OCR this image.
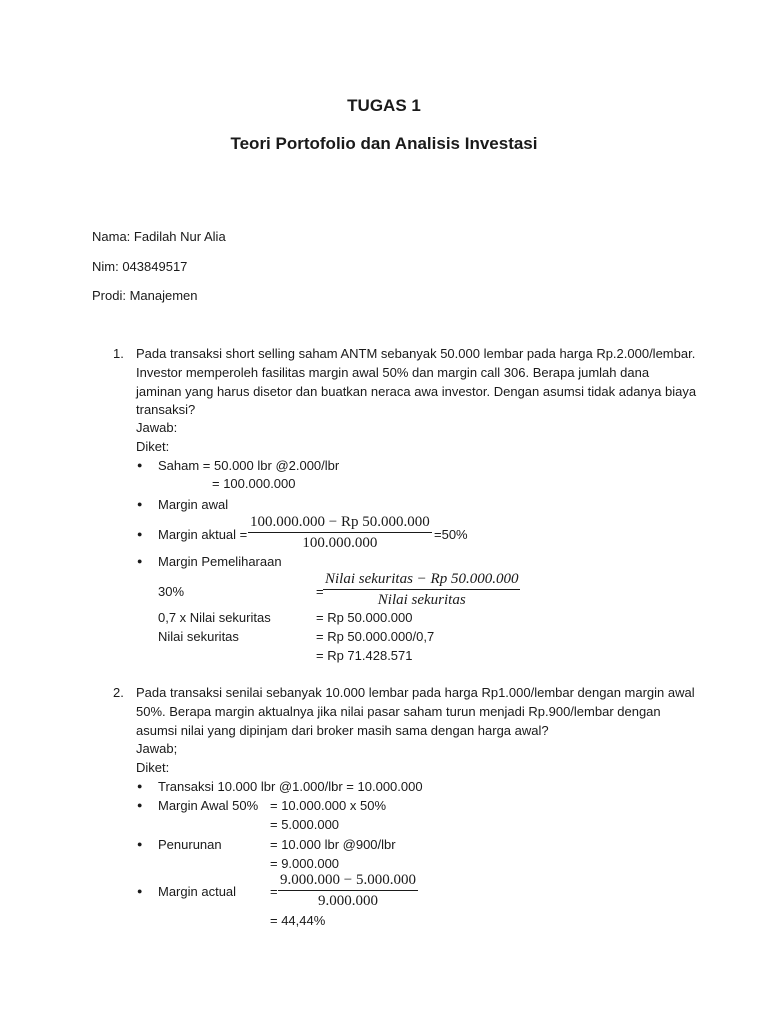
TUGAS 1
Teori Portofolio dan Analisis Investasi
Nama: Fadilah Nur Alia
Nim: 043849517
Prodi: Manajemen
1. Pada transaksi short selling saham ANTM sebanyak 50.000 lembar pada harga Rp.2.000/lembar.
Investor memperoleh fasilitas margin awal 50% dan margin call 306. Berapa jumlah dana
jaminan yang harus disetor dan buatkan neraca awa investor. Dengan asumsi tidak adanya biaya
transaksi?
Jawab:
Diket:
● Saham = 50.000 lbr @2.000/lbr
= 100.000.000
● Margin awal
● Margin aktual =
100.000.000 − Rp 50.000.000
100.000.000
=50%
● Margin Pemeliharaan
30%	=
Nilai sekuritas − Rp 50.000.000
Nilai sekuritas
0,7 x Nilai sekuritas	= Rp 50.000.000
Nilai sekuritas	= Rp 50.000.000/0,7
= Rp 71.428.571
2. Pada transaksi senilai sebanyak 10.000 lembar pada harga Rp1.000/lembar dengan margin awal
50%. Berapa margin aktualnya jika nilai pasar saham turun menjadi Rp.900/lembar dengan
asumsi nilai yang dipinjam dari broker masih sama dengan harga awal?
Jawab;
Diket:
● Transaksi 10.000 lbr @1.000/lbr = 10.000.000
● Margin Awal 50% = 10.000.000 x 50%
= 5.000.000
● Penurunan	= 10.000 lbr @900/lbr
= 9.000.000
● Margin actual	=
9.000.000 − 5.000.000
9.000.000
= 44,44%
